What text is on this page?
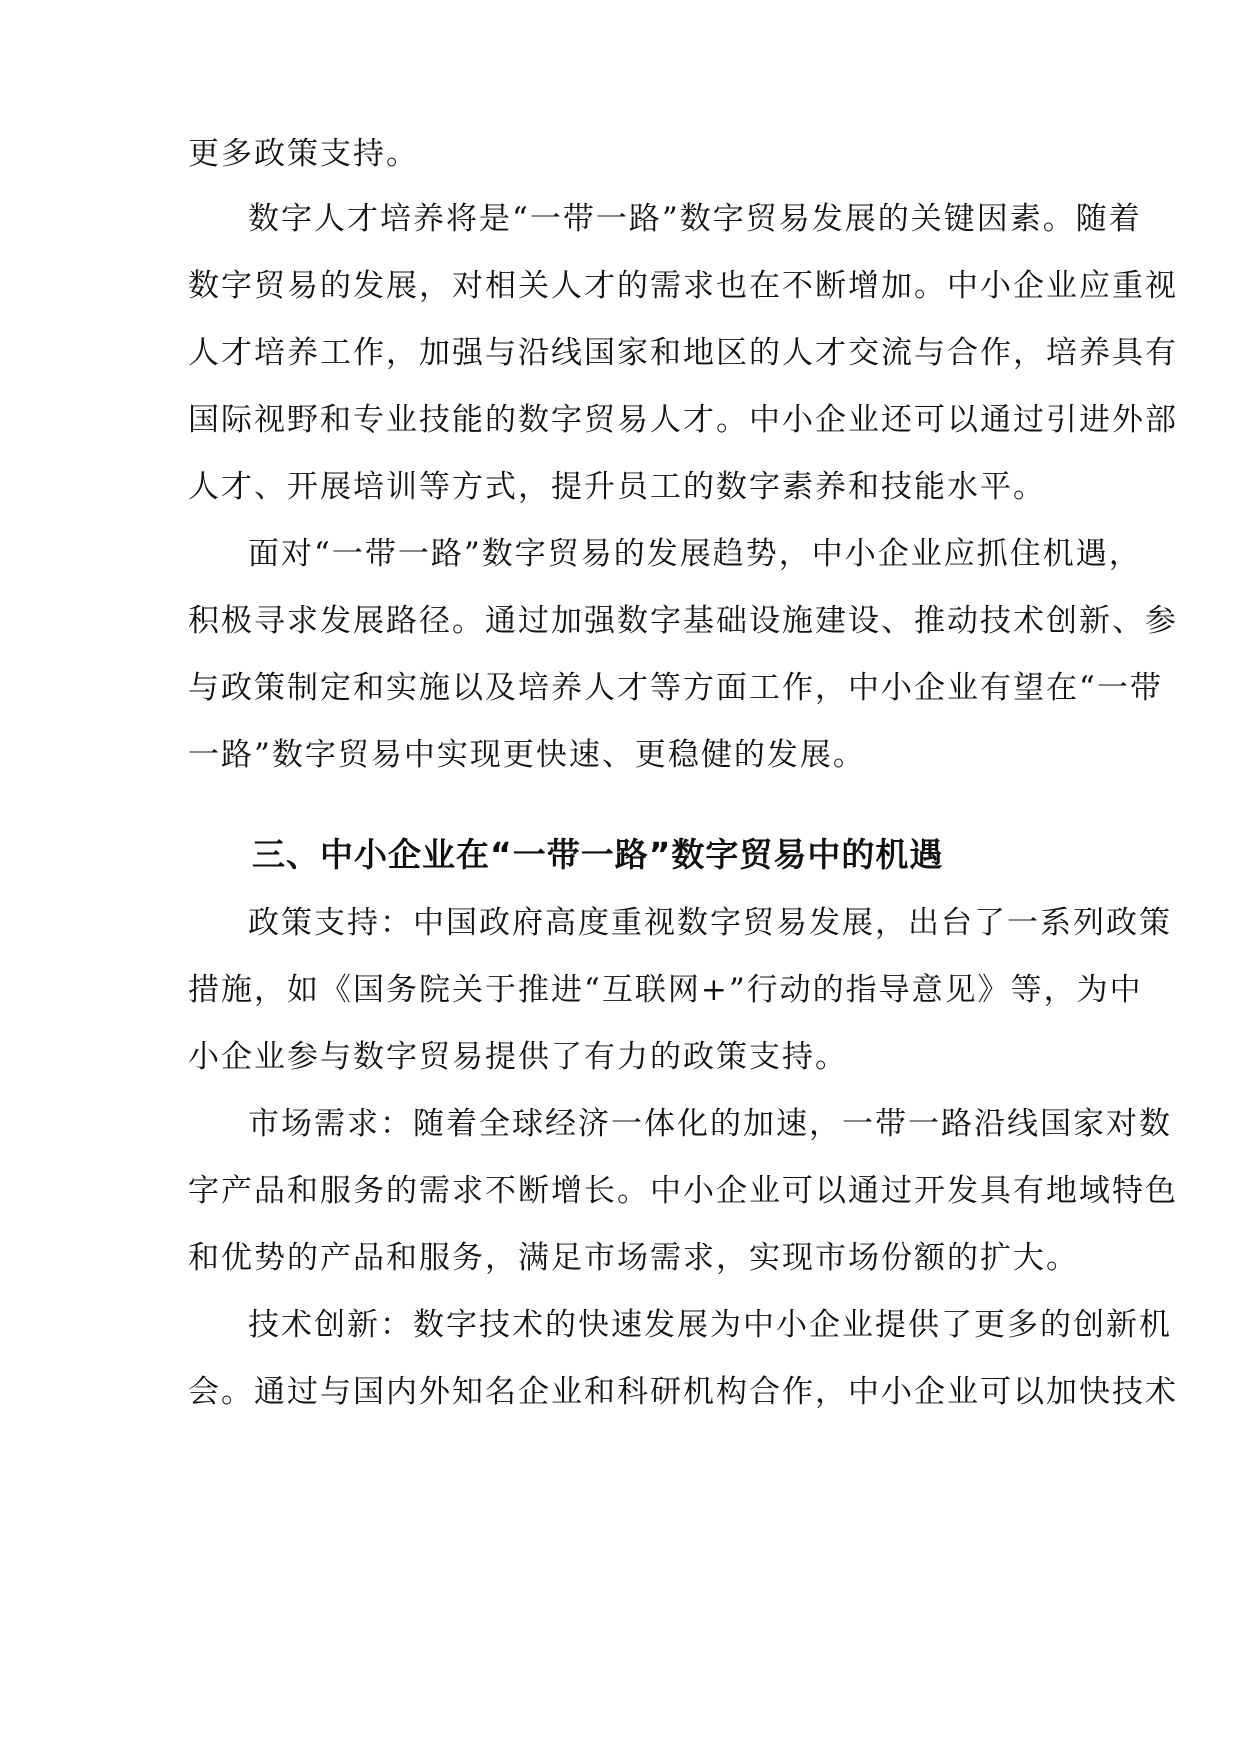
更多政策支持。
数字人才培养将是“一带一路”数字贸易发展的关键因素。随着
数字贸易的发展，对相关人才的需求也在不断增加。中小企业应重视
人才培养工作，加强与沿线国家和地区的人才交流与合作，培养具有
国际视野和专业技能的数字贸易人才。中小企业还可以通过引进外部
人才、开展培训等方式，提升员工的数字素养和技能水平。
面对“一带一路”数字贸易的发展趋势，中小企业应抓住机遇，
积极寻求发展路径。通过加强数字基础设施建设、推动技术创新、参
与政策制定和实施以及培养人才等方面工作，中小企业有望在“一带
一路”数字贸易中实现更快速、更稳健的发展。
三、中小企业在“一带一路”数字贸易中的机遇
政策支持：中国政府高度重视数字贸易发展，出台了一系列政策
措施，如《国务院关于推进“互联网+”行动的指导意见》等，为中
小企业参与数字贸易提供了有力的政策支持。
市场需求：随着全球经济一体化的加速，一带一路沿线国家对数
字产品和服务的需求不断增长。中小企业可以通过开发具有地域特色
和优势的产品和服务，满足市场需求，实现市场份额的扩大。
技术创新：数字技术的快速发展为中小企业提供了更多的创新机
会。通过与国内外知名企业和科研机构合作，中小企业可以加快技术
